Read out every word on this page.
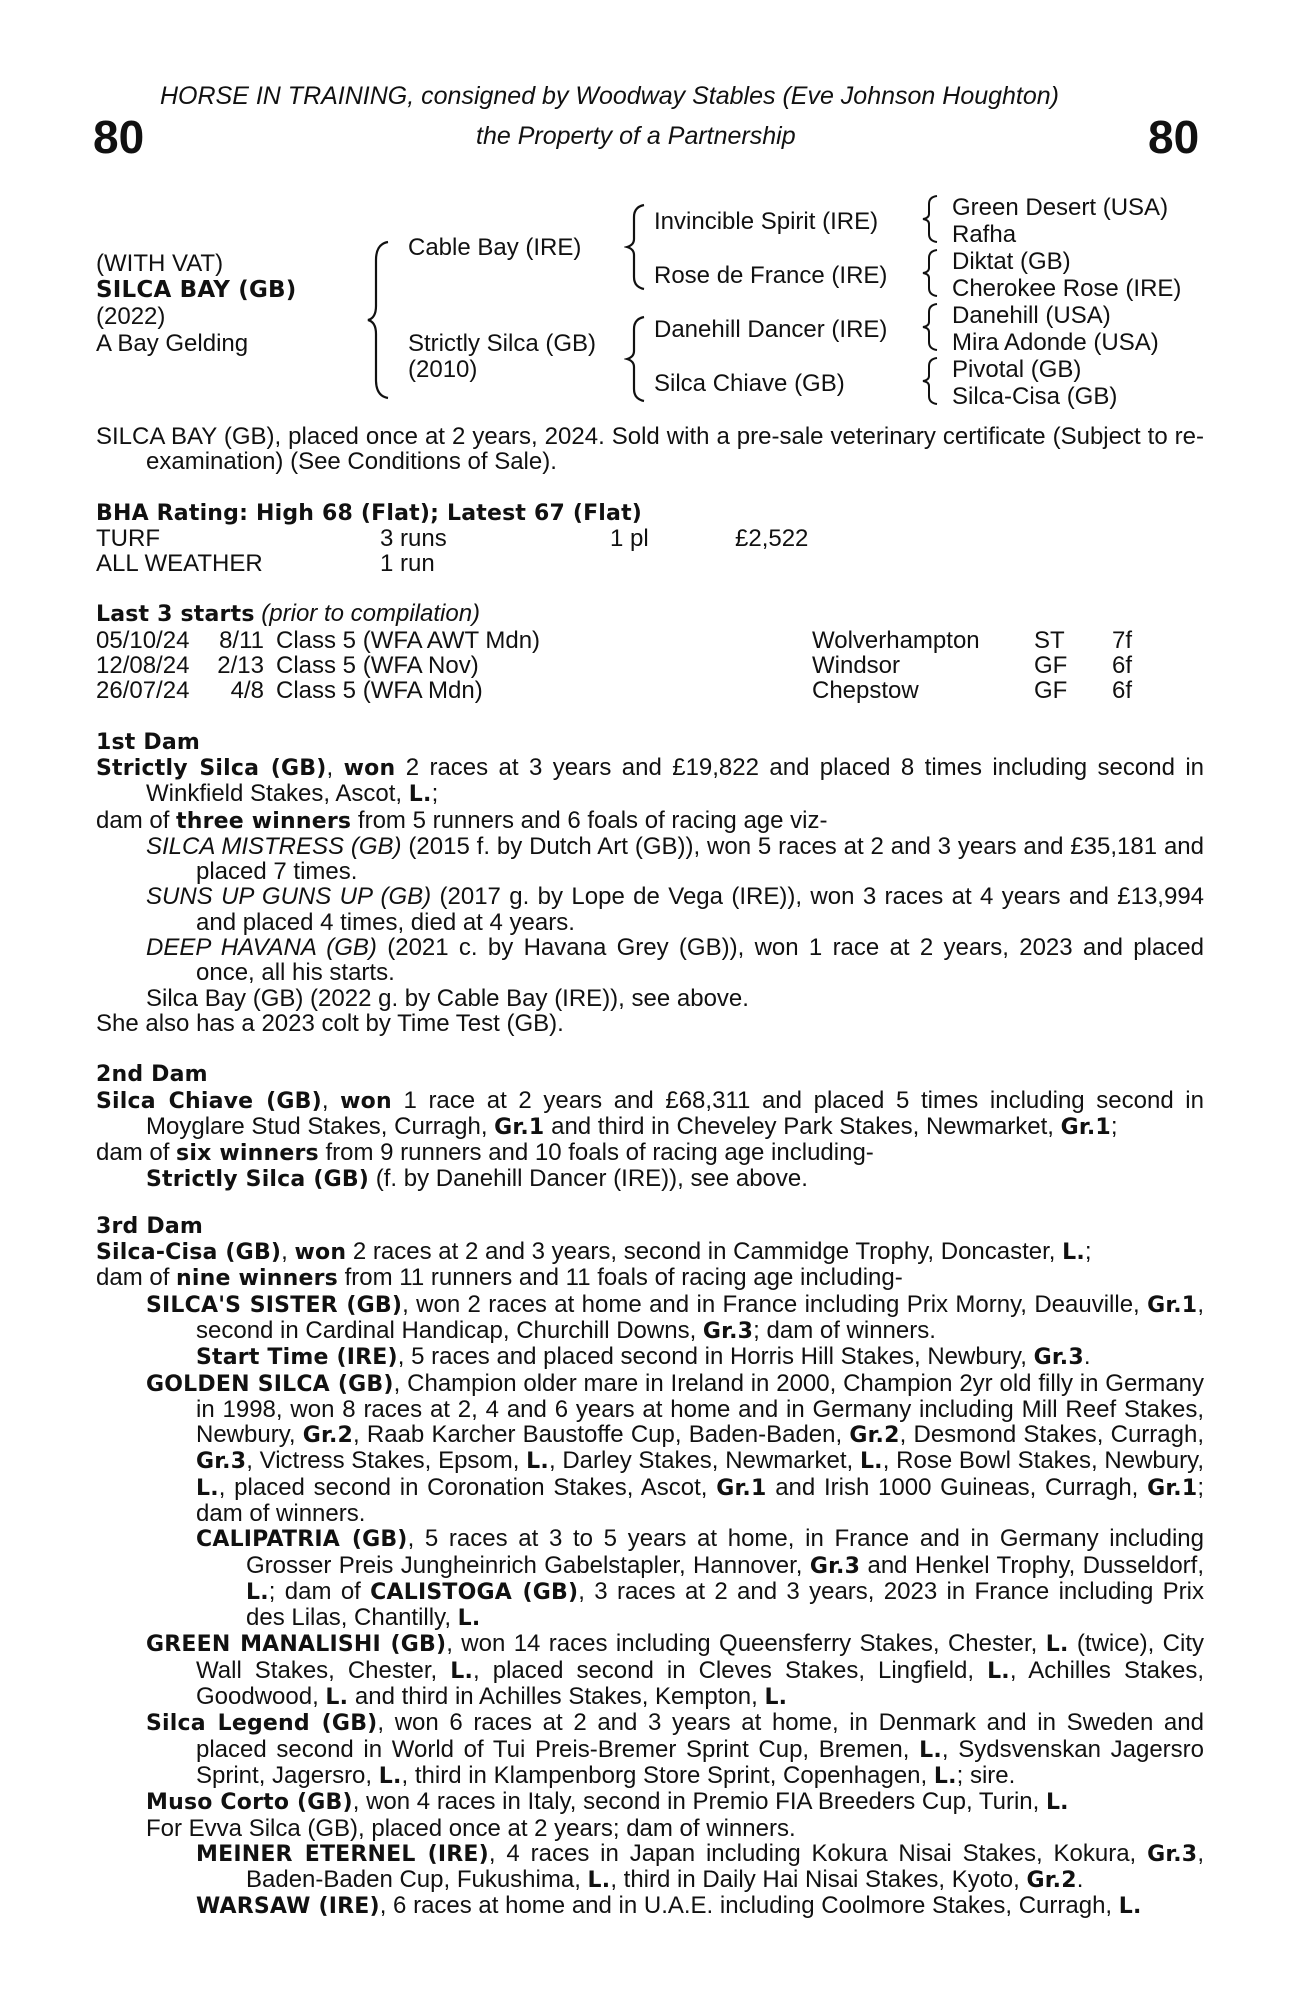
HORSE IN TRAINING, consigned by Woodway Stables (Eve Johnson Houghton)
the Property of a Partnership
80	80
(WITH VAT)
SILCA BAY (GB)
(2022)
A Bay Gelding
Cable Bay (IRE)
Strictly Silca (GB)
(2010)
Invincible Spirit (IRE)
Rose de France (IRE)
Danehill Dancer (IRE)
Silca Chiave (GB)
Green Desert (USA)
Rafha
Diktat (GB)
Cherokee Rose (IRE)
Danehill (USA)
Mira Adonde (USA)
Pivotal (GB)
Silca-Cisa (GB)

SILCA BAY (GB), placed once at 2 years, 2024. Sold with a pre-sale veterinary certificate (Subject to re-examination) (See Conditions of Sale).

BHA Rating: High 68 (Flat); Latest 67 (Flat)

TURF	3 runs	1 pl	£2,522
ALL WEATHER	1 run

Last 3 starts (prior to compilation)

05/10/24	8/11 Class 5 (WFA AWT Mdn)	Wolverhampton	ST	7f
12/08/24	2/13 Class 5 (WFA Nov)	Windsor	GF	6f
26/07/24	4/8 Class 5 (WFA Mdn)	Chepstow	GF	6f

1st Dam

Strictly Silca (GB), won 2 races at 3 years and £19,822 and placed 8 times including second in Winkfield Stakes, Ascot, L.;

dam of three winners from 5 runners and 6 foals of racing age viz-

SILCA MISTRESS (GB) (2015 f. by Dutch Art (GB)), won 5 races at 2 and 3 years and £35,181 and placed 7 times.

SUNS UP GUNS UP (GB) (2017 g. by Lope de Vega (IRE)), won 3 races at 4 years and £13,994 and placed 4 times, died at 4 years.

DEEP HAVANA (GB) (2021 c. by Havana Grey (GB)), won 1 race at 2 years, 2023 and placed once, all his starts.

Silca Bay (GB) (2022 g. by Cable Bay (IRE)), see above.

She also has a 2023 colt by Time Test (GB).

2nd Dam

Silca Chiave (GB), won 1 race at 2 years and £68,311 and placed 5 times including second in Moyglare Stud Stakes, Curragh, Gr.1 and third in Cheveley Park Stakes, Newmarket, Gr.1;

dam of six winners from 9 runners and 10 foals of racing age including-

Strictly Silca (GB) (f. by Danehill Dancer (IRE)), see above.

3rd Dam

Silca-Cisa (GB), won 2 races at 2 and 3 years, second in Cammidge Trophy, Doncaster, L.;

dam of nine winners from 11 runners and 11 foals of racing age including-

SILCA'S SISTER (GB), won 2 races at home and in France including Prix Morny, Deauville, Gr.1, second in Cardinal Handicap, Churchill Downs, Gr.3; dam of winners.

Start Time (IRE), 5 races and placed second in Horris Hill Stakes, Newbury, Gr.3.

GOLDEN SILCA (GB), Champion older mare in Ireland in 2000, Champion 2yr old filly in Germany in 1998, won 8 races at 2, 4 and 6 years at home and in Germany including Mill Reef Stakes, Newbury, Gr.2, Raab Karcher Baustoffe Cup, Baden-Baden, Gr.2, Desmond Stakes, Curragh, Gr.3, Victress Stakes, Epsom, L., Darley Stakes, Newmarket, L., Rose Bowl Stakes, Newbury, L., placed second in Coronation Stakes, Ascot, Gr.1 and Irish 1000 Guineas, Curragh, Gr.1; dam of winners.

CALIPATRIA (GB), 5 races at 3 to 5 years at home, in France and in Germany including Grosser Preis Jungheinrich Gabelstapler, Hannover, Gr.3 and Henkel Trophy, Dusseldorf, L.; dam of CALISTOGA (GB), 3 races at 2 and 3 years, 2023 in France including Prix des Lilas, Chantilly, L.

GREEN MANALISHI (GB), won 14 races including Queensferry Stakes, Chester, L. (twice), City Wall Stakes, Chester, L., placed second in Cleves Stakes, Lingfield, L., Achilles Stakes, Goodwood, L. and third in Achilles Stakes, Kempton, L.

Silca Legend (GB), won 6 races at 2 and 3 years at home, in Denmark and in Sweden and placed second in World of Tui Preis-Bremer Sprint Cup, Bremen, L., Sydsvenskan Jagersro Sprint, Jagersro, L., third in Klampenborg Store Sprint, Copenhagen, L.; sire.

Muso Corto (GB), won 4 races in Italy, second in Premio FIA Breeders Cup, Turin, L.

For Evva Silca (GB), placed once at 2 years; dam of winners.

MEINER ETERNEL (IRE), 4 races in Japan including Kokura Nisai Stakes, Kokura, Gr.3, Baden-Baden Cup, Fukushima, L., third in Daily Hai Nisai Stakes, Kyoto, Gr.2.

WARSAW (IRE), 6 races at home and in U.A.E. including Coolmore Stakes, Curragh, L.
